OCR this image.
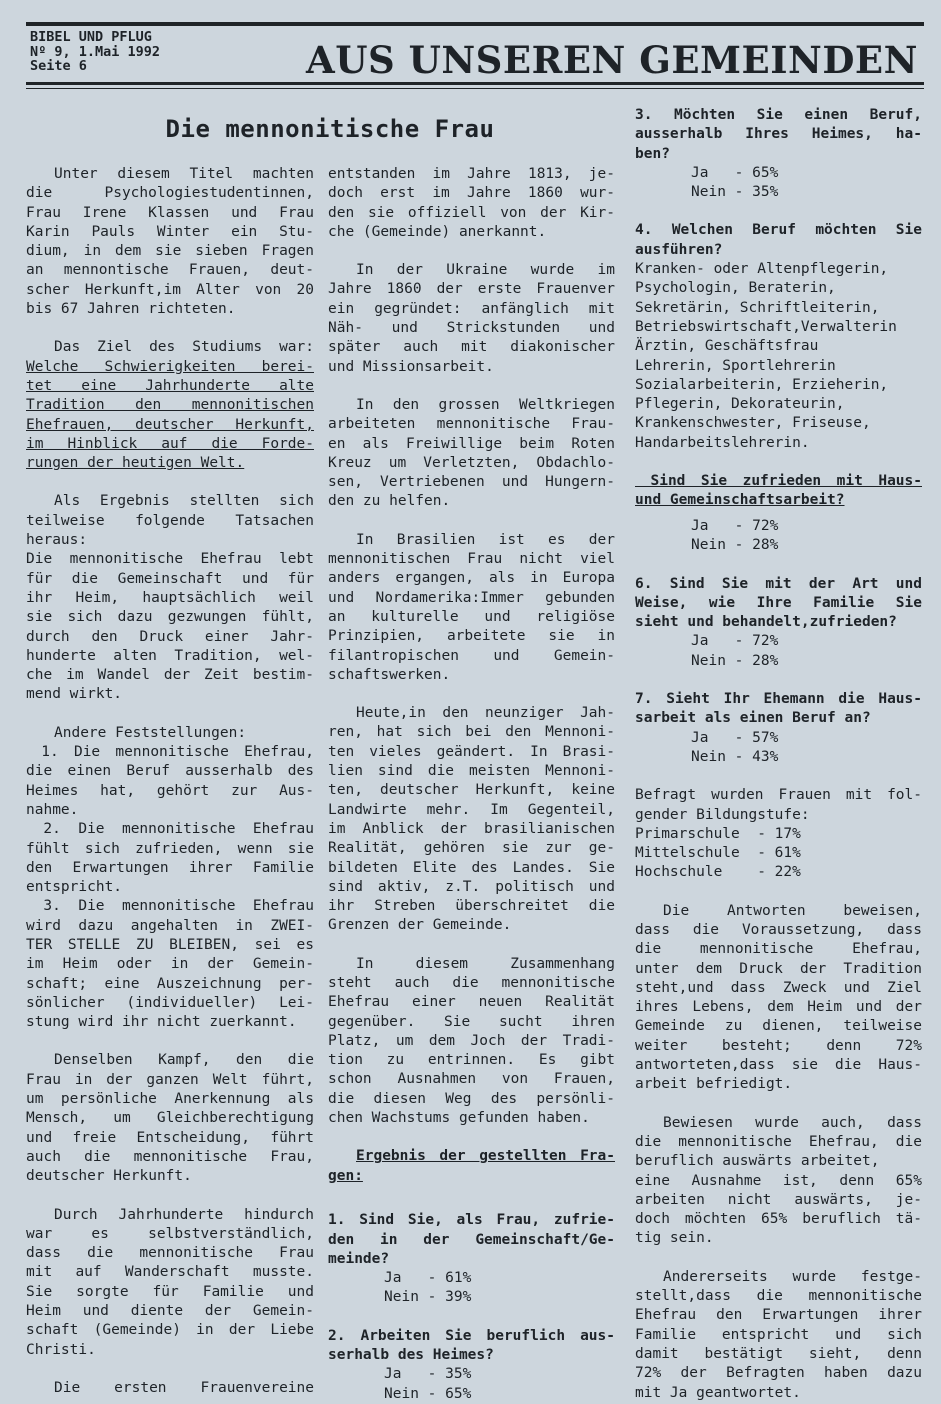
BIBEL UND PFLUG
Nº 9, 1.Mai 1992
Seite 6	AUS UNSEREN GEMEINDEN
Die mennonitische Frau
Unter diesem Titel machten
die Psychologiestudentinnen,
Frau Irene Klassen und Frau
Karin Pauls Winter ein Stu-
dium, in dem sie sieben Fragen
an mennontische Frauen, deut-
scher Herkunft,im Alter von 20
bis 67 Jahren richteten.
Das Ziel des Studiums war:
Welche Schwierigkeiten berei-
tet eine Jahrhunderte alte
Tradition den mennonitischen
Ehefrauen, deutscher Herkunft,
im Hinblick auf die Forde-
rungen der heutigen Welt.
Als Ergebnis stellten sich
teilweise folgende Tatsachen
heraus:
Die mennonitische Ehefrau lebt
für die Gemeinschaft und für
ihr Heim, hauptsächlich weil
sie sich dazu gezwungen fühlt,
durch den Druck einer Jahr-
hunderte alten Tradition, wel-
che im Wandel der Zeit bestim-
mend wirkt.
Andere Feststellungen:
1. Die mennonitische Ehefrau,
die einen Beruf ausserhalb des
Heimes hat, gehört zur Aus-
nahme.
2. Die mennonitische Ehefrau
fühlt sich zufrieden, wenn sie
den Erwartungen ihrer Familie
entspricht.
3. Die mennonitische Ehefrau
wird dazu angehalten in ZWEI-
TER STELLE ZU BLEIBEN, sei es
im Heim oder in der Gemein-
schaft; eine Auszeichnung per-
sönlicher (individueller) Lei-
stung wird ihr nicht zuerkannt.
Denselben Kampf, den die
Frau in der ganzen Welt führt,
um persönliche Anerkennung als
Mensch, um Gleichberechtigung
und freie Entscheidung, führt
auch die mennonitische Frau,
deutscher Herkunft.
Durch Jahrhunderte hindurch
war es selbstverständlich,
dass die mennonitische Frau
mit auf Wanderschaft musste.
Sie sorgte für Familie und
Heim und diente der Gemein-
schaft (Gemeinde) in der Liebe
Christi.
Die ersten Frauenvereine
entstanden im Jahre 1813, je-
doch erst im Jahre 1860 wur-
den sie offiziell von der Kir-
che (Gemeinde) anerkannt.
In der Ukraine wurde im
Jahre 1860 der erste Frauenver
ein gegründet: anfänglich mit
Näh- und Strickstunden und
später auch mit diakonischer
und Missionsarbeit.
In den grossen Weltkriegen
arbeiteten mennonitische Frau-
en als Freiwillige beim Roten
Kreuz um Verletzten, Obdachlo-
sen, Vertriebenen und Hungern-
den zu helfen.
In Brasilien ist es der
mennonitischen Frau nicht viel
anders ergangen, als in Europa
und Nordamerika:Immer gebunden
an kulturelle und religiöse
Prinzipien, arbeitete sie in
filantropischen und Gemein-
schaftswerken.
Heute,in den neunziger Jah-
ren, hat sich bei den Mennoni-
ten vieles geändert. In Brasi-
lien sind die meisten Mennoni-
ten, deutscher Herkunft, keine
Landwirte mehr. Im Gegenteil,
im Anblick der brasilianischen
Realität, gehören sie zur ge-
bildeten Elite des Landes. Sie
sind aktiv, z.T. politisch und
ihr Streben überschreitet die
Grenzen der Gemeinde.
In diesem Zusammenhang
steht auch die mennonitische
Ehefrau einer neuen Realität
gegenüber. Sie sucht ihren
Platz, um dem Joch der Tradi-
tion zu entrinnen. Es gibt
schon Ausnahmen von Frauen,
die diesen Weg des persönli-
chen Wachstums gefunden haben.
Ergebnis der gestellten Fra-
gen:
1. Sind Sie, als Frau, zufrie-
den in der Gemeinschaft/Ge-
meinde?
Ja   - 61%
Nein - 39%
2. Arbeiten Sie beruflich aus-
serhalb des Heimes?
Ja   - 35%
Nein - 65%
3. Möchten Sie einen Beruf,
ausserhalb Ihres Heimes, ha-
ben?
Ja   - 65%
Nein - 35%
4. Welchen Beruf möchten Sie
ausführen?
Kranken- oder Altenpflegerin,
Psychologin, Beraterin,
Sekretärin, Schriftleiterin,
Betriebswirtschaft,Verwalterin
Ärztin, Geschäftsfrau
Lehrerin, Sportlehrerin
Sozialarbeiterin, Erzieherin,
Pflegerin, Dekorateurin,
Krankenschwester, Friseuse,
Handarbeitslehrerin.
Sind Sie zufrieden mit Haus-
und Gemeinschaftsarbeit?
Ja   - 72%
Nein - 28%
6. Sind Sie mit der Art und
Weise, wie Ihre Familie Sie
sieht und behandelt,zufrieden?
Ja   - 72%
Nein - 28%
7. Sieht Ihr Ehemann die Haus-
sarbeit als einen Beruf an?
Ja   - 57%
Nein - 43%
Befragt wurden Frauen mit fol-
gender Bildungstufe:
Primarschule  - 17%
Mittelschule  - 61%
Hochschule    - 22%
Die Antworten beweisen,
dass die Voraussetzung, dass
die mennonitische Ehefrau,
unter dem Druck der Tradition
steht,und dass Zweck und Ziel
ihres Lebens, dem Heim und der
Gemeinde zu dienen, teilweise
weiter besteht; denn 72%
antworteten,dass sie die Haus-
arbeit befriedigt.
Bewiesen wurde auch, dass
die mennonitische Ehefrau, die
beruflich auswärts arbeitet,
eine Ausnahme ist, denn 65%
arbeiten nicht auswärts, je-
doch möchten 65% beruflich tä-
tig sein.
Andererseits wurde festge-
stellt,dass die mennonitische
Ehefrau den Erwartungen ihrer
Familie entspricht und sich
damit bestätigt sieht, denn
72% der Befragten haben dazu
mit Ja geantwortet.
